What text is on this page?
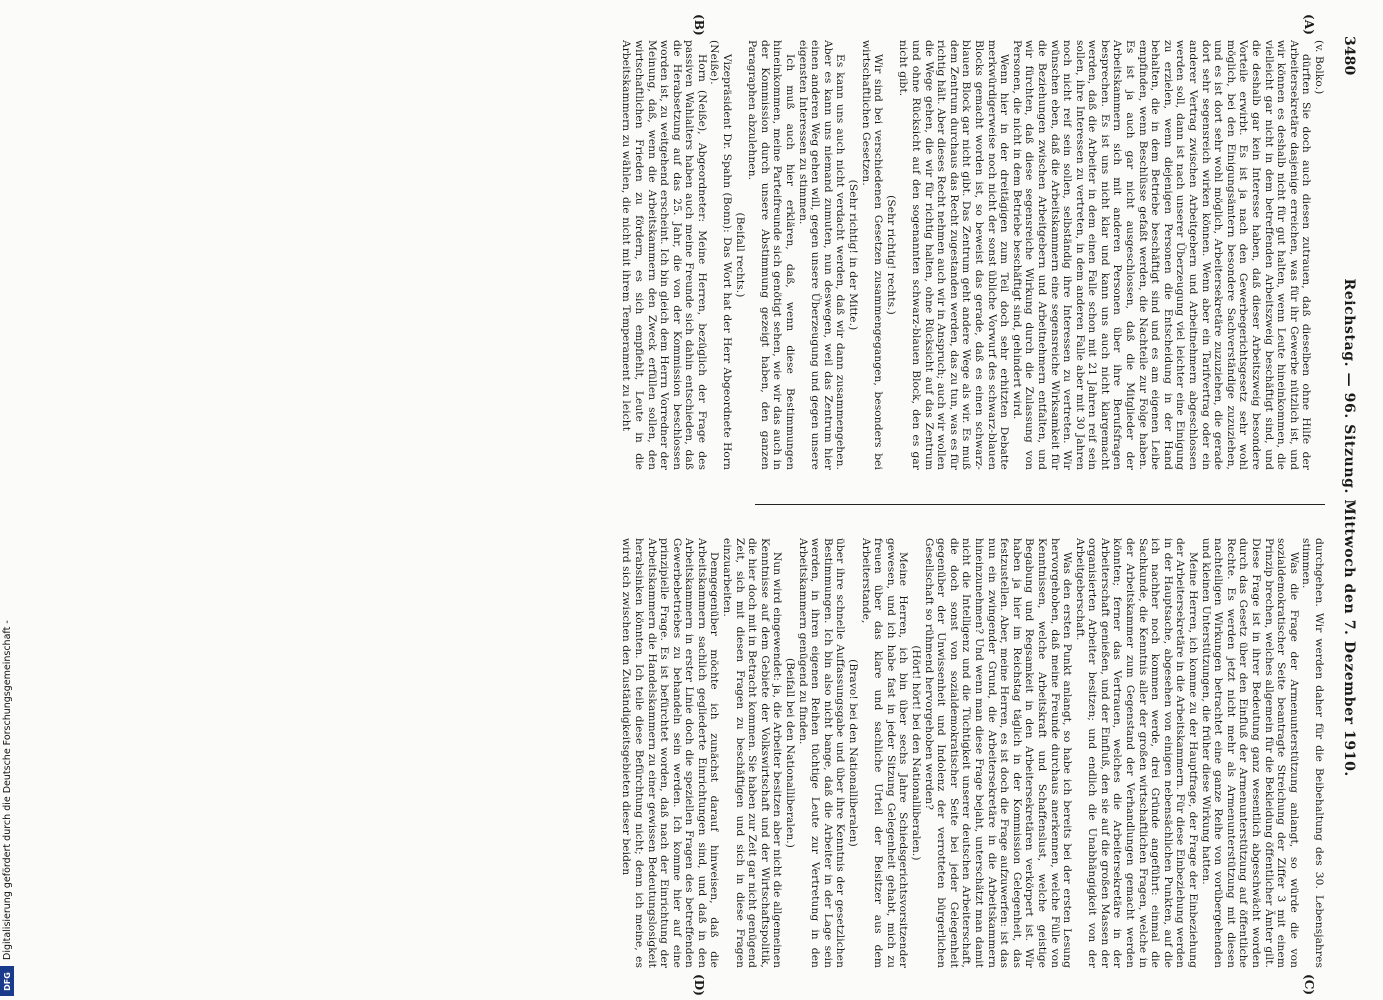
3480
Reichstag. — 96. Sitzung. Mittwoch den 7. Dezember 1910.
(A)
(B)
(C)
(D)

(v. Bolko.)

dürften Sie doch auch diesen zutrauen, daß dieselben ohne Hilfe der Arbeitersekretäre dasjenige erreichen, was für ihr Gewerbe nützlich ist, und wir können es deshalb nicht für gut halten, wenn Leute hineinkommen, die vielleicht gar nicht in dem betreffenden Arbeitszweig beschäftigt sind, und die deshalb gar kein Interesse haben, daß dieser Arbeitszweig besondere Vorteile erwirbt. Es ist ja nach den Gewerbegerichtsgesetz sehr wohl möglich, bei den Einigungsämtern besondere Sachverständige zuzuziehen, und es ist dort sehr wohl möglich, Arbeitersekretäre zuzuziehen, die gerade dort sehr segensreich wirken können. Wenn aber ein Tarifvertrag oder ein anderer Vertrag zwischen Arbeitgebern und Arbeitnehmern abgeschlossen werden soll, dann ist nach unserer Überzeugung viel leichter eine Einigung zu erzielen, wenn diejenigen Personen die Entscheidung in der Hand behalten, die in dem Betriebe beschäftigt sind und es am eigenen Leibe empfinden, wenn Beschlüsse gefaßt werden, die Nachteile zur Folge haben. Es ist ja auch gar nicht ausgeschlossen, daß die Mitglieder der Arbeitskammern sich mit anderen Personen über ihre Berufsfragen besprechen. Es ist uns nicht klar und kann uns auch nicht klargemacht werden, daß die Arbeiter in dem einen Falle schon mit 21 Jahren reif sein sollen, ihre Interessen zu vertreten, in dem anderen Falle aber mit 30 Jahren noch nicht reif sein sollen, selbständig ihre Interessen zu vertreten. Wir wünschen eben, daß die Arbeitskammern eine segensreiche Wirksamkeit für die Beziehungen zwischen Arbeitgebern und Arbeitnehmern entfalten, und wir fürchten, daß diese segensreiche Wirkung durch die Zulassung von Personen, die nicht in dem Betriebe beschäftigt sind, gehindert wird.

Wenn hier in der dreitägigen zum Teil doch sehr erhitzten Debatte merkwürdigerweise noch nicht der sonst übliche Vorwurf des schwarz-blauen Blocks gemacht worden ist, so beweist das gerade, daß es einen schwarz-blauen Block gar nicht gibt. Das Zentrum geht andere Wege als wir. Es muß dem Zentrum durchaus das Recht zugestanden werden, das zu tun, was es für richtig hält. Aber dieses Recht nehmen auch wir in Anspruch; auch wir wollen die Wege gehen, die wir für richtig halten, ohne Rücksicht auf das Zentrum und ohne Rücksicht auf den sogenannten schwarz-blauen Block, den es gar nicht gibt.

(Sehr richtig! rechts.)

Wir sind bei verschiedenen Gesetzen zusammengegangen, besonders bei wirtschaftlichen Gesetzen.

(Sehr richtig! in der Mitte.)

Es kann uns auch nicht verdacht werden, daß wir dann zusammengehen. Aber es kann uns niemand zumuten, nun deswegen, weil das Zentrum hier einen anderen Weg gehen will, gegen unsere Überzeugung und gegen unsere eigensten Interessen zu stimmen.

Ich muß auch hier erklären, daß, wenn diese Bestimmungen hineinkommen, meine Parteifreunde sich genötigt sehen, wie wir das auch in der Kommission durch unsere Abstimmung gezeigt haben, den ganzen Paragraphen abzulehnen.

(Beifall rechts.)

Vizepräsident Dr. Spahn (Bonn): Das Wort hat der Herr Abgeordnete Horn (Neiße).

Horn (Neiße), Abgeordneter: Meine Herren, bezüglich der Frage des passiven Wahlalters haben auch meine Freunde sich dahin entschieden, daß die Herabsetzung auf das 25. Jahr, die von der Kommission beschlossen worden ist, zu weitgehend erscheint. Ich bin gleich dem Herrn Vorredner der Meinung, daß, wenn die Arbeitskammern den Zweck erfüllen sollen, den wirtschaftlichen Frieden zu fördern, es sich empfiehlt, Leute in die Arbeitskammern zu wählen, die nicht mit ihrem Temperament zu leicht

durchgehen. Wir werden daher für die Beibehaltung des 30. Lebensjahres stimmen.

Was die Frage der Armenunterstützung anlangt, so würde die von sozialdemokratischer Seite beantragte Streichung der Ziffer 3 mit einem Prinzip brechen, welches allgemein für die Bekleidung öffentlicher Ämter gilt. Diese Frage ist in ihrer Bedeutung ganz wesentlich abgeschwächt worden durch das Gesetz über den Einfluß der Armenunterstützung auf öffentliche Rechte. Es werden jetzt nicht mehr als Armenunterstützung mit diesen nachteiligen Wirkungen betrachtet eine ganze Reihe von vorübergehenden und kleinen Unterstützungen, die früher diese Wirkung hatten.

Meine Herren, ich komme zu der Hauptfrage, der Frage der Einbeziehung der Arbeitersekretäre in die Arbeitskammern. Für diese Einbeziehung werden in der Hauptsache, abgesehen von einigen nebensächlichen Punkten, auf die ich nachher noch kommen werde, drei Gründe angeführt: einmal die Sachkunde, die Kenntnis aller der großen wirtschaftlichen Fragen, welche in der Arbeitskammer zum Gegenstand der Verhandlungen gemacht werden könnten; ferner das Vertrauen, welches die Arbeitersekretäre in der Arbeiterschaft genießen, und der Einfluß, den sie auf die großen Massen der organisierten Arbeiter besitzen; und endlich die Unabhängigkeit von der Arbeitgeberschaft.

Was den ersten Punkt anlangt, so habe ich bereits bei der ersten Lesung hervorgehoben, daß meine Freunde durchaus anerkennen, welche Fülle von Kenntnissen, welche Arbeitskraft und Schaffenslust, welche geistige Begabung und Regsamkeit in den Arbeitersekretären verkörpert ist. Wir haben ja hier im Reichstag täglich in der Kommission Gelegenheit, das festzustellen. Aber, meine Herren, es ist doch die Frage aufzuwerfen: ist das nun ein zwingender Grund, die Arbeitersekretäre in die Arbeitskammern hineinzunehmen? Und wenn man diese Frage bejaht, unterschätzt man damit nicht die Intelligenz und die Tüchtigkeit unserer deutschen Arbeiterschaft, die doch sonst von sozialdemokratischer Seite bei jeder Gelegenheit gegenüber der Unwissenheit und Indolenz der verrotteten bürgerlichen Gesellschaft so rühmend hervorgehoben werden?

(Hört! hört! bei den Nationalliberalen.)

Meine Herren, ich bin über sechs Jahre Schiedsgerichtsvorsitzender gewesen, und ich habe fast in jeder Sitzung Gelegenheit gehabt, mich zu freuen über das klare und sachliche Urteil der Beisitzer aus dem Arbeiterstande,

(Bravo! bei den Nationalliberalen)

über ihre schnelle Auffassungsgabe und über ihre Kenntnis der gesetzlichen Bestimmungen. Ich bin also nicht bange, daß die Arbeiter in der Lage sein werden, in ihren eigenen Reihen tüchtige Leute zur Vertretung in den Arbeitskammern genügend zu finden.

(Beifall bei den Nationalliberalen.)

Nun wird eingewendet: ja, die Arbeiter besitzen aber nicht die allgemeinen Kenntnisse auf dem Gebiete der Volkswirtschaft und der Wirtschaftspolitik, die hier doch mit in Betracht kommen. Sie haben zur Zeit gar nicht genügend Zeit, sich mit diesen Fragen zu beschäftigen und sich in diese Fragen einzuarbeiten.

Demgegenüber möchte ich zunächst darauf hinweisen, daß die Arbeitskammern sachlich gegliederte Einrichtungen sind, und daß in den Arbeitskammern in erster Linie doch die speziellen Fragen des betreffenden Gewerbebetriebes zu behandeln sein werden. Ich komme hier auf eine prinzipielle Frage. Es ist befürchtet worden, daß nach der Einrichtung der Arbeitskammern die Handelskammern zu einer gewissen Bedeutungslosigkeit herabsinken könnten. Ich teile diese Befürchtung nicht; denn ich meine, es wird sich zwischen den Zuständigkeitsgebieten dieser beiden

Digitalisierung gefördert durch die Deutsche Forschungsgemeinschaft -
DFG
